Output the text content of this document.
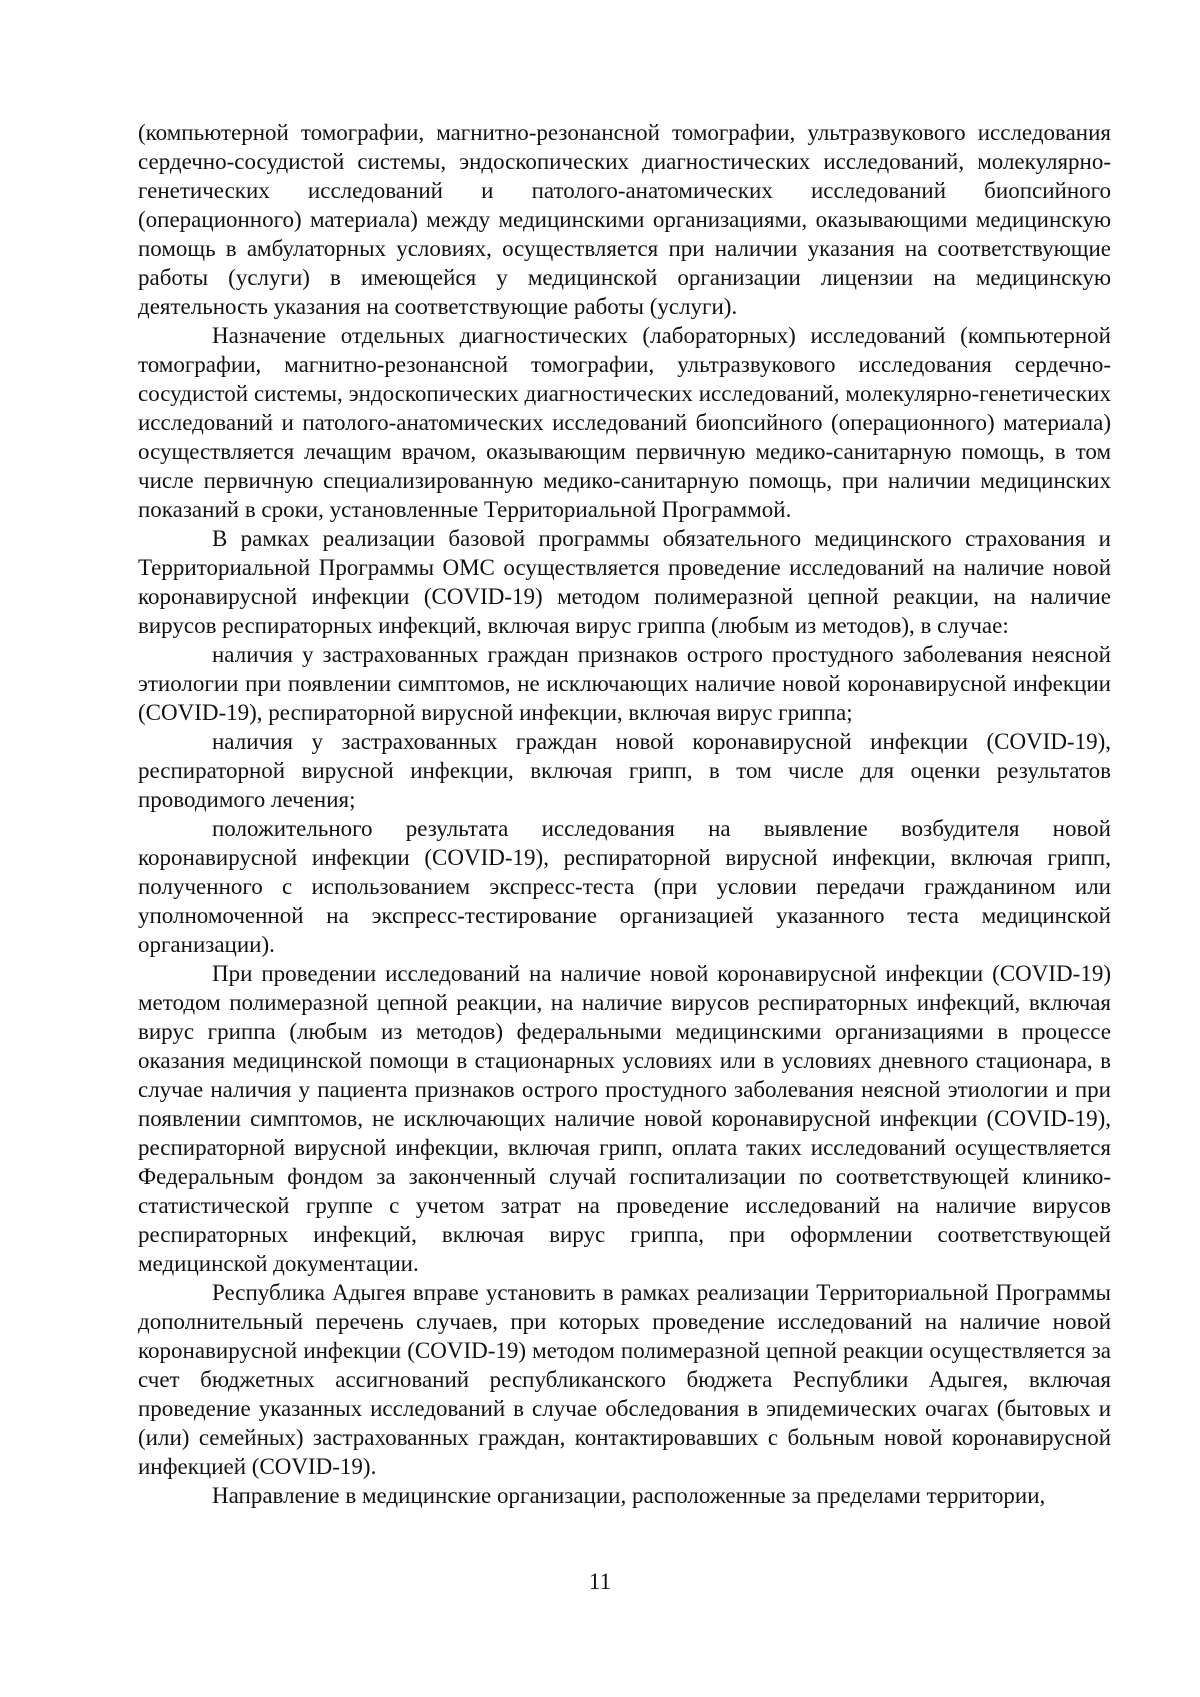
(компьютерной томографии, магнитно-резонансной томографии, ультразвукового исследования сердечно-сосудистой системы, эндоскопических диагностических исследований, молекулярно-генетических исследований и патолого-анатомических исследований биопсийного (операционного) материала) между медицинскими организациями, оказывающими медицинскую помощь в амбулаторных условиях, осуществляется при наличии указания на соответствующие работы (услуги) в имеющейся у медицинской организации лицензии на медицинскую деятельность указания на соответствующие работы (услуги).

Назначение отдельных диагностических (лабораторных) исследований (компьютерной томографии, магнитно-резонансной томографии, ультразвукового исследования сердечно-сосудистой системы, эндоскопических диагностических исследований, молекулярно-генетических исследований и патолого-анатомических исследований биопсийного (операционного) материала) осуществляется лечащим врачом, оказывающим первичную медико-санитарную помощь, в том числе первичную специализированную медико-санитарную помощь, при наличии медицинских показаний в сроки, установленные Территориальной Программой.

В рамках реализации базовой программы обязательного медицинского страхования и Территориальной Программы ОМС осуществляется проведение исследований на наличие новой коронавирусной инфекции (COVID-19) методом полимеразной цепной реакции, на наличие вирусов респираторных инфекций, включая вирус гриппа (любым из методов), в случае:

наличия у застрахованных граждан признаков острого простудного заболевания неясной этиологии при появлении симптомов, не исключающих наличие новой коронавирусной инфекции (COVID-19), респираторной вирусной инфекции, включая вирус гриппа;

наличия у застрахованных граждан новой коронавирусной инфекции (COVID-19), респираторной вирусной инфекции, включая грипп, в том числе для оценки результатов проводимого лечения;

положительного результата исследования на выявление возбудителя новой коронавирусной инфекции (COVID-19), респираторной вирусной инфекции, включая грипп, полученного с использованием экспресс-теста (при условии передачи гражданином или уполномоченной на экспресс-тестирование организацией указанного теста медицинской организации).

При проведении исследований на наличие новой коронавирусной инфекции (COVID-19) методом полимеразной цепной реакции, на наличие вирусов респираторных инфекций, включая вирус гриппа (любым из методов) федеральными медицинскими организациями в процессе оказания медицинской помощи в стационарных условиях или в условиях дневного стационара, в случае наличия у пациента признаков острого простудного заболевания неясной этиологии и при появлении симптомов, не исключающих наличие новой коронавирусной инфекции (COVID-19), респираторной вирусной инфекции, включая грипп, оплата таких исследований осуществляется Федеральным фондом за законченный случай госпитализации по соответствующей клинико-статистической группе с учетом затрат на проведение исследований на наличие вирусов респираторных инфекций, включая вирус гриппа, при оформлении соответствующей медицинской документации.

Республика Адыгея вправе установить в рамках реализации Территориальной Программы дополнительный перечень случаев, при которых проведение исследований на наличие новой коронавирусной инфекции (COVID-19) методом полимеразной цепной реакции осуществляется за счет бюджетных ассигнований республиканского бюджета Республики Адыгея, включая проведение указанных исследований в случае обследования в эпидемических очагах (бытовых и (или) семейных) застрахованных граждан, контактировавших с больным новой коронавирусной инфекцией (COVID-19).

Направление в медицинские организации, расположенные за пределами территории,

11
